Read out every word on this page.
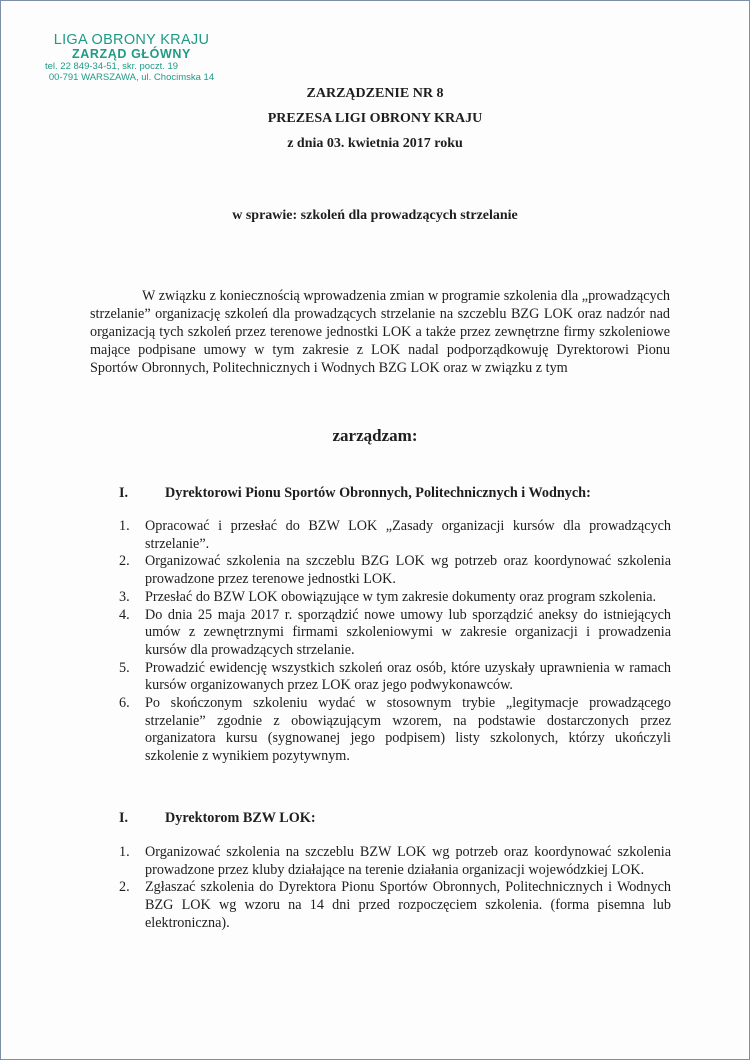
LIGA OBRONY KRAJU
ZARZĄD GŁÓWNY
tel. 22 849-34-51, skr. poczt. 19
00-791 WARSZAWA, ul. Chocimska 14
ZARZĄDZENIE NR 8
PREZESA LIGI OBRONY KRAJU
z dnia 03. kwietnia 2017 roku
w sprawie: szkoleń dla prowadzących strzelanie
W związku z koniecznością wprowadzenia zmian w programie szkolenia dla „prowadzących strzelanie” organizację szkoleń dla prowadzących strzelanie na szczeblu BZG LOK oraz nadzór nad organizacją tych szkoleń przez terenowe jednostki LOK a także przez zewnętrzne firmy szkoleniowe mające podpisane umowy w tym zakresie z LOK nadal podporządkowuję Dyrektorowi Pionu Sportów Obronnych, Politechnicznych i Wodnych BZG LOK oraz w związku z tym
zarządzam:
I.	Dyrektorowi Pionu Sportów Obronnych, Politechnicznych i Wodnych:
1.	Opracować i przesłać do BZW LOK „Zasady organizacji kursów dla prowadzących strzelanie”.
2.	Organizować szkolenia na szczeblu BZG LOK wg potrzeb oraz koordynować szkolenia prowadzone przez terenowe jednostki LOK.
3.	Przesłać do BZW LOK obowiązujące w tym zakresie dokumenty oraz program szkolenia.
4.	Do dnia 25 maja 2017 r. sporządzić nowe umowy lub sporządzić aneksy do istniejących umów z zewnętrznymi firmami szkoleniowymi w zakresie organizacji i prowadzenia kursów dla prowadzących strzelanie.
5.	Prowadzić ewidencję wszystkich szkoleń oraz osób, które uzyskały uprawnienia w ramach kursów organizowanych przez LOK oraz jego podwykonawców.
6.	Po skończonym szkoleniu wydać w stosownym trybie „legitymacje prowadzącego strzelanie” zgodnie z obowiązującym wzorem, na podstawie dostarczonych przez organizatora kursu (sygnowanej jego podpisem) listy szkolonych, którzy ukończyli szkolenie z wynikiem pozytywnym.
I.	Dyrektorom BZW LOK:
1.	Organizować szkolenia na szczeblu BZW LOK wg potrzeb oraz koordynować szkolenia prowadzone przez kluby działające na terenie działania organizacji wojewódzkiej LOK.
2.	Zgłaszać szkolenia do Dyrektora Pionu Sportów Obronnych, Politechnicznych i Wodnych BZG LOK wg wzoru na 14 dni przed rozpoczęciem szkolenia. (forma pisemna lub elektroniczna).
